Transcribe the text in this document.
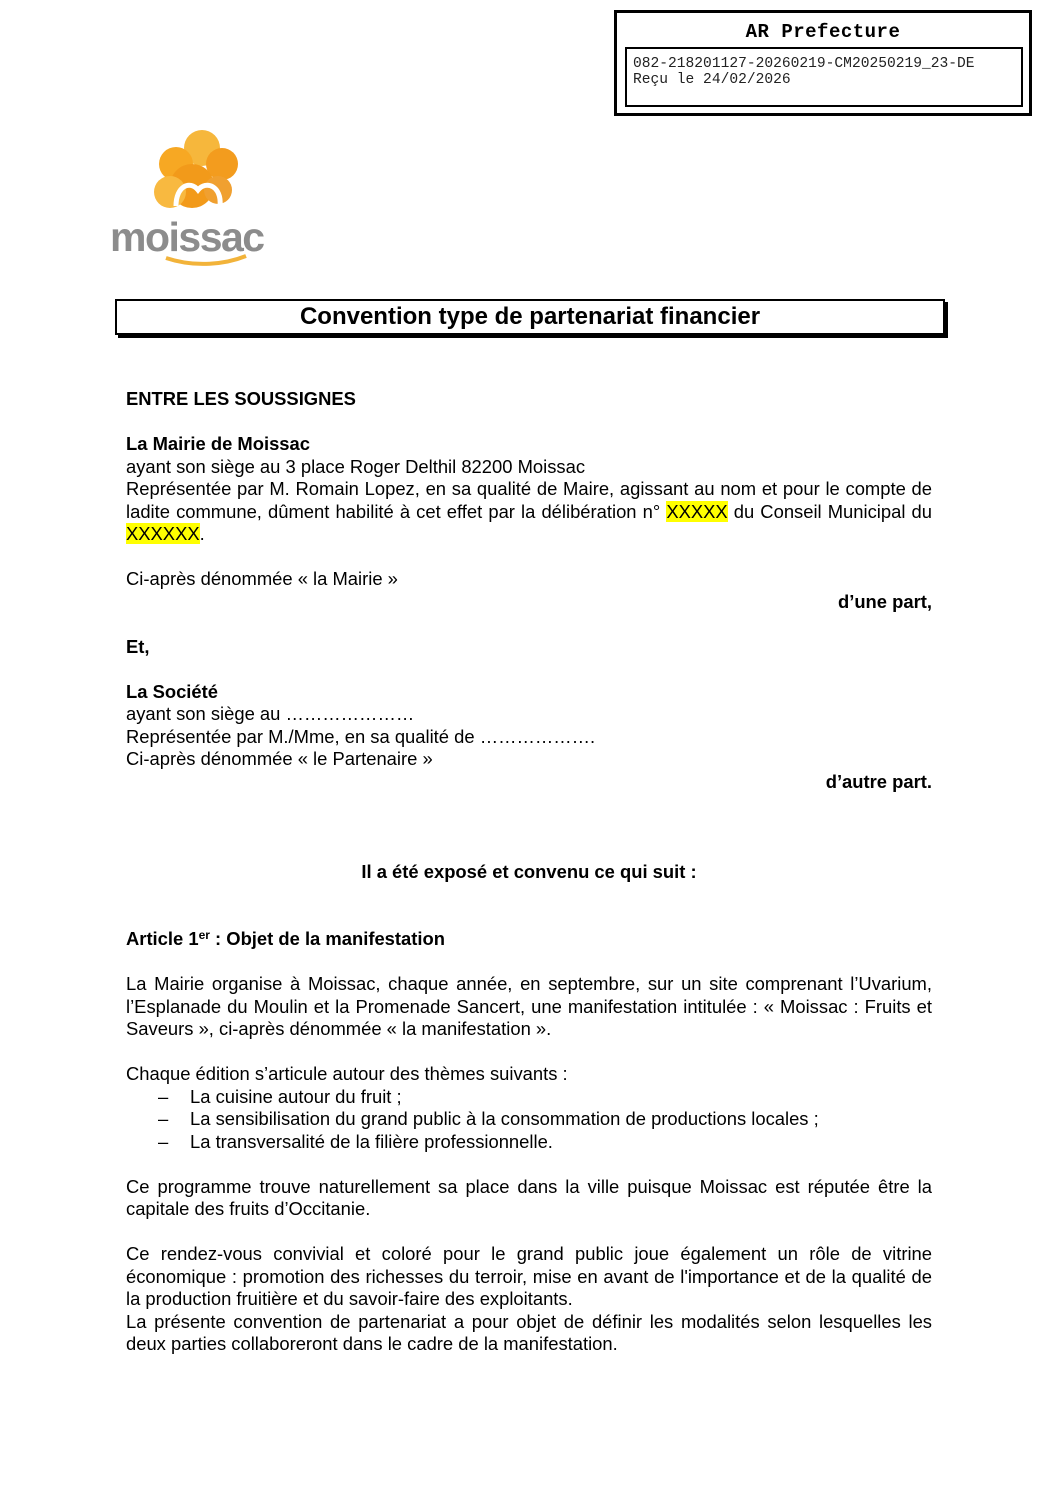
AR Prefecture
082-218201127-20260219-CM20250219_23-DE
Reçu le 24/02/2026
moissac
Convention type de partenariat financier

ENTRE LES SOUSSIGNES

La Mairie de Moissac

ayant son siège au 3 place Roger Delthil 82200 Moissac

Représentée par M. Romain Lopez, en sa qualité de Maire, agissant au nom et pour le compte de ladite commune, dûment habilité à cet effet par la délibération n° XXXXX du Conseil Municipal du XXXXXX.

Ci-après dénommée « la Mairie »

d’une part,

Et,

La Société

ayant son siège au …………………

Représentée par M./Mme, en sa qualité de ……………….

Ci-après dénommée « le Partenaire »

d’autre part.

Il a été exposé et convenu ce qui suit :

Article 1er : Objet de la manifestation

La Mairie organise à Moissac, chaque année, en septembre, sur un site comprenant l’Uvarium, l’Esplanade du Moulin et la Promenade Sancert, une manifestation intitulée : « Moissac : Fruits et Saveurs », ci-après dénommée « la manifestation ».

Chaque édition s’articule autour des thèmes suivants :

– La cuisine autour du fruit ;
– La sensibilisation du grand public à la consommation de productions locales ;
– La transversalité de la filière professionnelle.

Ce programme trouve naturellement sa place dans la ville puisque Moissac est réputée être la capitale des fruits d’Occitanie.

Ce rendez-vous convivial et coloré pour le grand public joue également un rôle de vitrine économique : promotion des richesses du terroir, mise en avant de l'importance et de la qualité de la production fruitière et du savoir-faire des exploitants.

La présente convention de partenariat a pour objet de définir les modalités selon lesquelles les deux parties collaboreront dans le cadre de la manifestation.
